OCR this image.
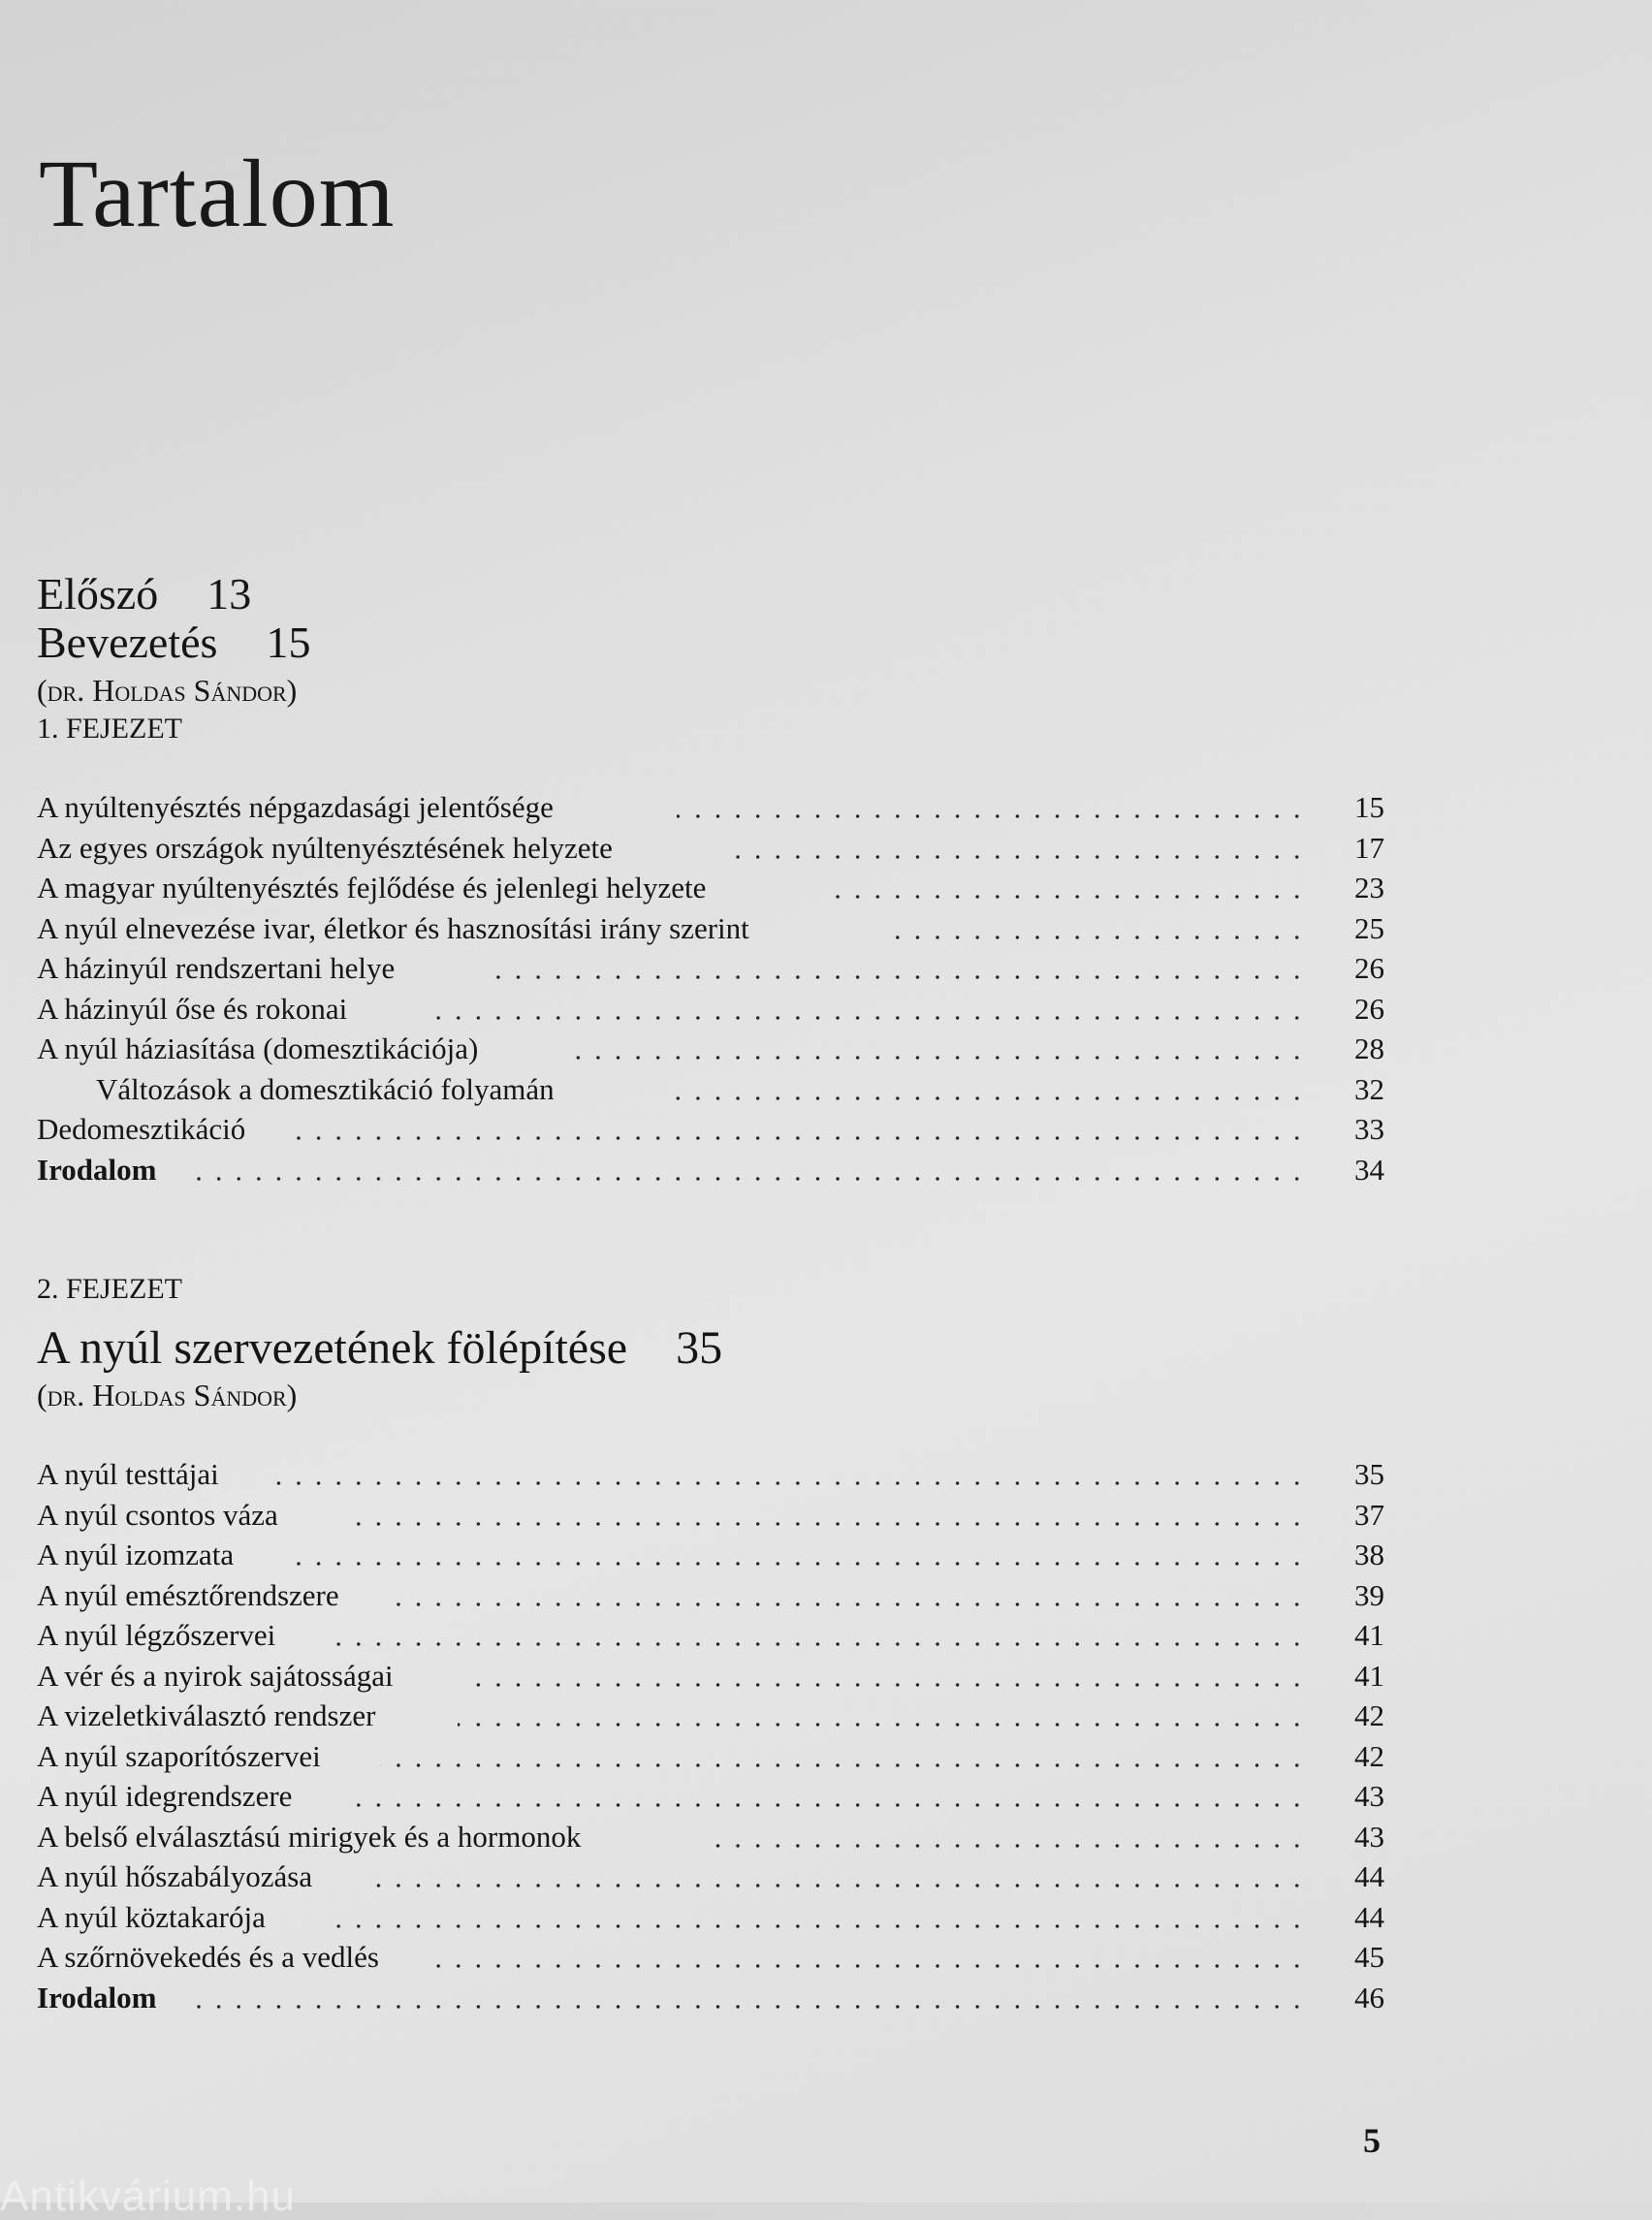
Tartalom
Előszó 13
Bevezetés 15
(dr. Holdas Sándor)
1. FEJEZET
A nyúltenyésztés népgazdasági jelentősége	15
Az egyes országok nyúltenyésztésének helyzete	17
A magyar nyúltenyésztés fejlődése és jelenlegi helyzete	23
A nyúl elnevezése ivar, életkor és hasznosítási irány szerint	25
A házinyúl rendszertani helye	26
A házinyúl őse és rokonai	26
A nyúl háziasítása (domesztikációja)	28
Változások a domesztikáció folyamán	32
Dedomesztikáció	33
Irodalom	34
2. FEJEZET
A nyúl szervezetének fölépítése 35
(dr. Holdas Sándor)
A nyúl testtájai	35
A nyúl csontos váza	37
A nyúl izomzata	38
A nyúl emésztőrendszere	39
A nyúl légzőszervei	41
A vér és a nyirok sajátosságai	41
A vizeletkiválasztó rendszer	42
A nyúl szaporítószervei	42
A nyúl idegrendszere	43
A belső elválasztású mirigyek és a hormonok	43
A nyúl hőszabályozása	44
A nyúl köztakarója	44
A szőrnövekedés és a vedlés	45
Irodalom	46
5
Antikvárium.hu
